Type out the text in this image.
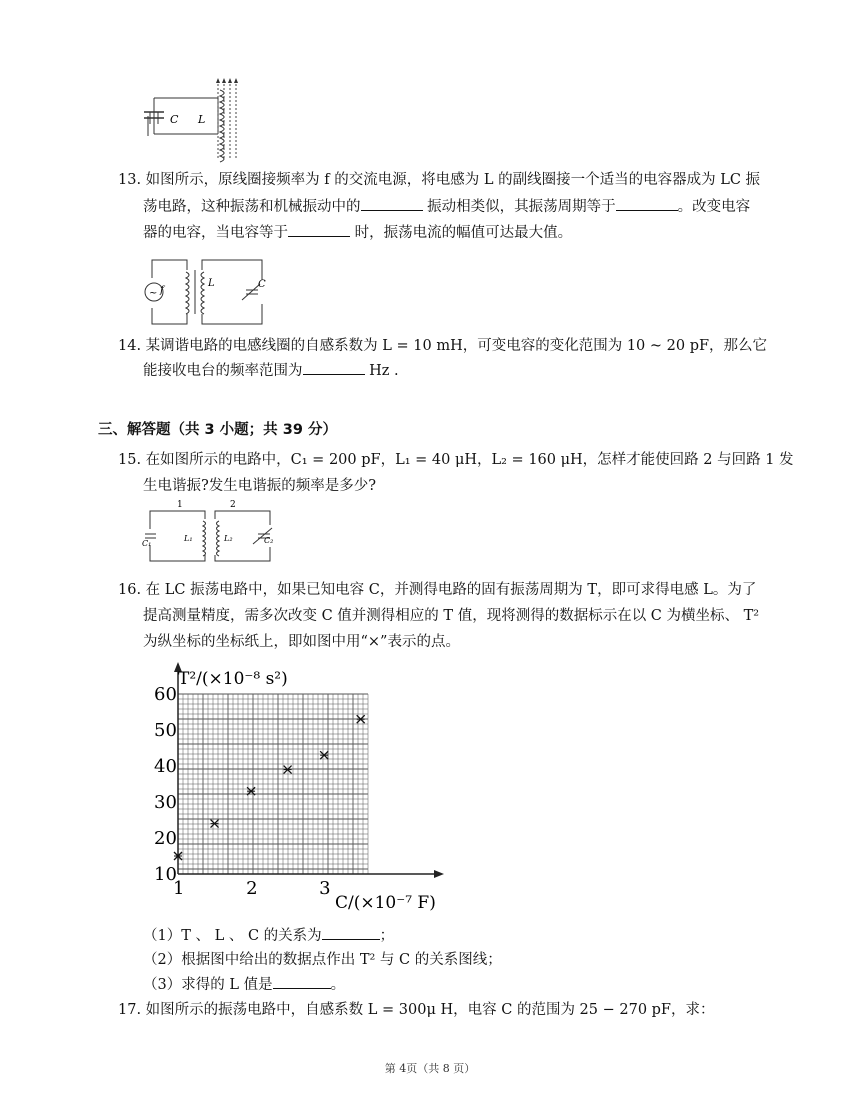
C L
13. 如图所示，原线圈接频率为 f 的交流电源，将电感为 L 的副线圈接一个适当的电容器成为 LC 振
荡电路，这种振荡和机械振动中的	振动相类似，其振荡周期等于	。改变电容
器的电容，当电容等于	时，振荡电流的幅值可达最大值。
~ f
L	C
14. 某调谐电路的电感线圈的自感系数为 L = 10 mH，可变电容的变化范围为 10 ~ 20 pF，那么它
能接收电台的频率范围为	Hz .
三、解答题（共 3 小题；共 39 分）
15. 在如图所示的电路中，C₁ = 200 pF，L₁ = 40 μH，L₂ = 160 μH，怎样才能使回路 2 与回路 1 发
生电谐振?发生电谐振的频率是多少?
1	2
C₁
L₁	L₂	C₂
16. 在 LC 振荡电路中，如果已知电容 C，并测得电路的固有振荡周期为 T，即可求得电感 L。为了
提高测量精度，需多次改变 C 值并测得相应的 T 值，现将测得的数据标示在以 C 为横坐标、 T²
为纵坐标的坐标纸上，即如图中用“×”表示的点。
10
20
30
40
50
60
1	2	3
T²/(×10⁻⁸ s²)
C/(×10⁻⁷ F)
（1）T 、 L 、 C 的关系为	；
（2）根据图中给出的数据点作出 T² 与 C 的关系图线；
（3）求得的 L 值是	。
17. 如图所示的振荡电路中，自感系数 L = 300μ H，电容 C 的范围为 25 − 270 pF，求：
第 4页（共 8 页）
